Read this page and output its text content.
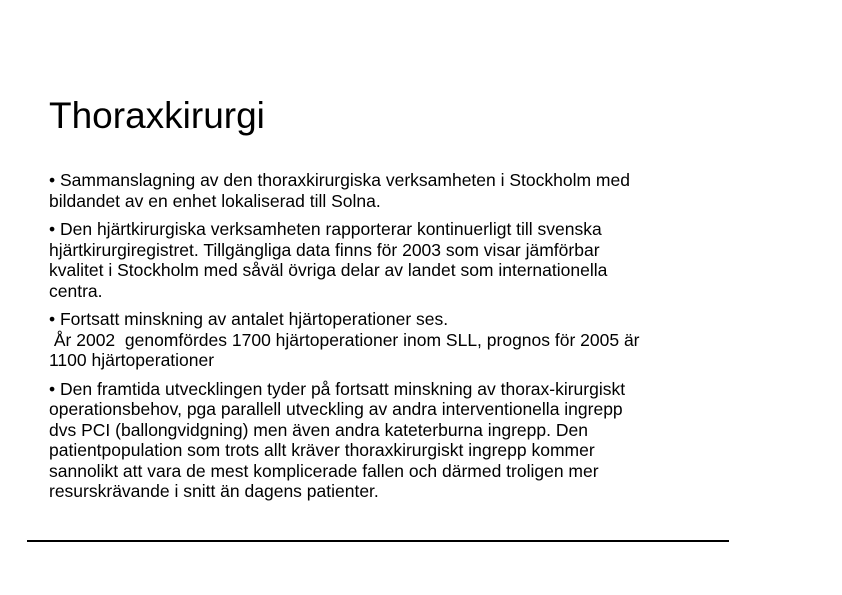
Thoraxkirurgi
• Sammanslagning av den thoraxkirurgiska verksamheten i Stockholm med
bildandet av en enhet lokaliserad till Solna.
• Den hjärtkirurgiska verksamheten rapporterar kontinuerligt till svenska
hjärtkirurgiregistret. Tillgängliga data finns för 2003 som visar jämförbar
kvalitet i Stockholm med såväl övriga delar av landet som internationella
centra.
• Fortsatt minskning av antalet hjärtoperationer ses.
År 2002  genomfördes 1700 hjärtoperationer inom SLL, prognos för 2005 är
1100 hjärtoperationer
• Den framtida utvecklingen tyder på fortsatt minskning av thorax-kirurgiskt
operationsbehov, pga parallell utveckling av andra interventionella ingrepp
dvs PCI (ballongvidgning) men även andra kateterburna ingrepp. Den
patientpopulation som trots allt kräver thoraxkirurgiskt ingrepp kommer
sannolikt att vara de mest komplicerade fallen och därmed troligen mer
resurskrävande i snitt än dagens patienter.
